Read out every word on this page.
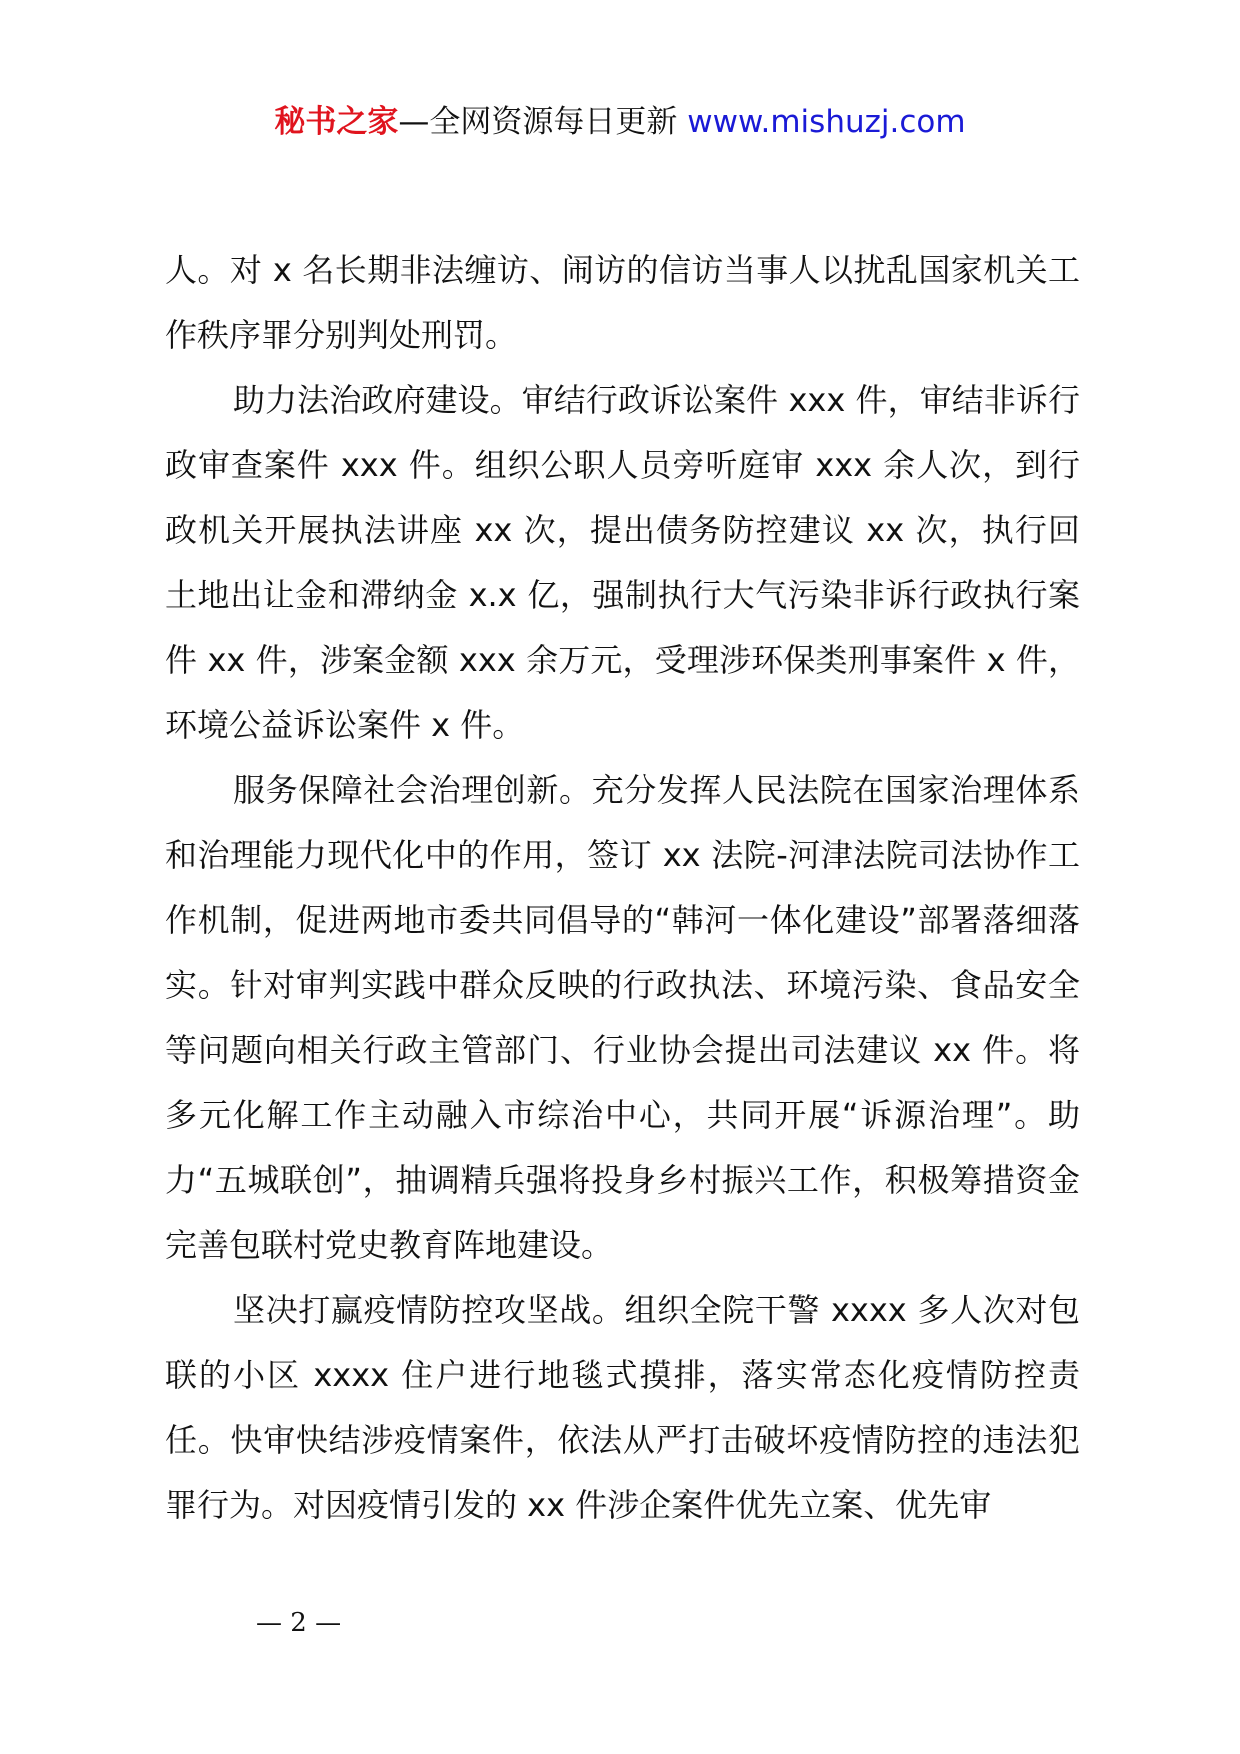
秘书之家—全网资源每日更新 www.mishuzj.com

人。对 x 名长期非法缠访、闹访的信访当事人以扰乱国家机关工作秩序罪分别判处刑罚。

助力法治政府建设。审结行政诉讼案件 xxx 件，审结非诉行政审查案件 xxx 件。组织公职人员旁听庭审 xxx 余人次，到行政机关开展执法讲座 xx 次，提出债务防控建议 xx 次，执行回土地出让金和滞纳金 x.x 亿，强制执行大气污染非诉行政执行案件 xx 件，涉案金额 xxx 余万元，受理涉环保类刑事案件 x 件，环境公益诉讼案件 x 件。

服务保障社会治理创新。充分发挥人民法院在国家治理体系和治理能力现代化中的作用，签订 xx 法院-河津法院司法协作工作机制，促进两地市委共同倡导的“韩河一体化建设”部署落细落实。针对审判实践中群众反映的行政执法、环境污染、食品安全等问题向相关行政主管部门、行业协会提出司法建议 xx 件。将多元化解工作主动融入市综治中心，共同开展“诉源治理”。助力“五城联创”，抽调精兵强将投身乡村振兴工作，积极筹措资金完善包联村党史教育阵地建设。

坚决打赢疫情防控攻坚战。组织全院干警 xxxx 多人次对包联的小区 xxxx 住户进行地毯式摸排，落实常态化疫情防控责任。快审快结涉疫情案件，依法从严打击破坏疫情防控的违法犯罪行为。对因疫情引发的 xx 件涉企案件优先立案、优先审

— 2 —
